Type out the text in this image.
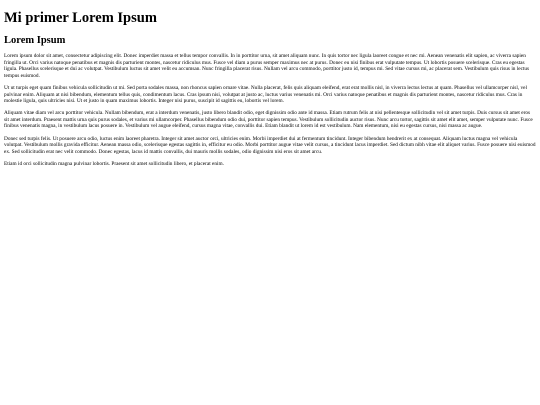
Mi primer Lorem Ipsum
Lorem Ipsum

Lorem ipsum dolor sit amet, consectetur adipiscing elit. Donec imperdiet massa et tellus tempor convallis. In in porttitor urna, sit amet aliquam nunc. In quis tortor nec ligula laoreet congue et nec mi. Aenean venenatis elit sapien, ac viverra sapien fringilla ut. Orci varius natoque penatibus et magnis dis parturient montes, nascetur ridiculus mus. Fusce vel diam a purus semper maximus nec at purus. Donec eu nisi finibus erat vulputate tempus. Ut lobortis posuere scelerisque. Cras eu egestas ligula. Phasellus scelerisque et dui ac volutpat. Vestibulum luctus sit amet velit eu accumsan. Nunc fringilla placerat risus. Nullam vel arcu commodo, porttitor justo id, tempus mi. Sed vitae cursus mi, ac placerat sem. Vestibulum quis risus in lectus tempus euismod.

Ut ut turpis eget quam finibus vehicula sollicitudin ut mi. Sed porta sodales massa, non rhoncus sapien ornare vitae. Nulla placerat, felis quis aliquam eleifend, erat erat mollis nisl, in viverra lectus lectus at quam. Phasellus vel ullamcorper nisl, vel pulvinar enim. Aliquam at nisi bibendum, elementum tellus quis, condimentum lacus. Cras ipsum nisi, volutpat at justo ac, luctus varius venenatis mi. Orci varius natoque penatibus et magnis dis parturient montes, nascetur ridiculus mus. Cras in molestie ligula, quis ultricies nisi. Ut et justo in quam maximus lobortis. Integer nisi purus, suscipit id sagittis eu, lobortis vel lorem.

Aliquam vitae diam vel arcu porttitor vehicula. Nullam bibendum, erat a interdum venenatis, justo libero blandit odio, eget dignissim odio ante id massa. Etiam rutrum felis at nisi pellentesque sollicitudin vel sit amet turpis. Duis cursus sit amet eros sit amet interdum. Praesent mattis urna quis purus sodales, et varius mi ullamcorper. Phasellus bibendum odio dui, porttitor sapien tempus. Vestibulum sollicitudin auctor risus. Nunc arcu tortor, sagittis sit amet elit amet, semper vulputate nunc. Fusce finibus venenatis magna, in vestibulum lacus posuere in. Vestibulum vel augue eleifend, cursus magna vitae, convallis dui. Etiam blandit ut lorem id est vestibulum. Nam elementum, nisi eu egestas cursus, nisi massa ac augue.

Donec sed turpis felis. Ut posuere arcu odio, luctus enim laoreet pharetra. Integer sit amet auctor orci, ultricies enim. Morbi imperdiet dui at fermentum tincidunt. Integer bibendum hendrerit ex at consequat. Aliquam luctus magna vel vehicula volutpat. Vestibulum mollis gravida efficitur. Aenean massa odio, scelerisque egestas sagittis in, efficitur eu odio. Morbi porttitor augue vitae velit cursus, a tincidunt lacus imperdiet. Sed dictum nibh vitae elit aliquet varius. Fusce posuere nisi euismod ex. Sed sollicitudin erat nec velit commodo. Donec egestas, lacus id mattis convallis, dui mauris mollis sodales, odio dignissim nisi eros sit amet arcu.

Etiam id orci sollicitudin magna pulvinar lobortis. Praesent sit amet sollicitudin libero, et placerat enim.
